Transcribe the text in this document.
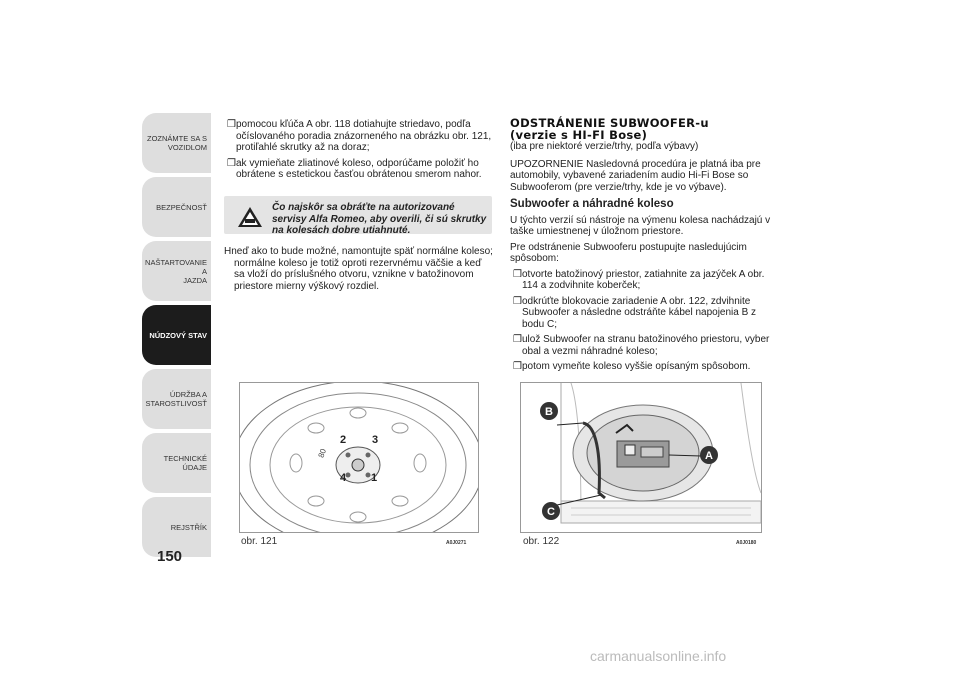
ZOZNÁMTE SA S
VOZIDLOM
BEZPEČNOSŤ
NAŠTARTOVANIE A
JAZDA
NÚDZOVÝ STAV
ÚDRŽBA A
STAROSTLIVOSŤ
TECHNICKÉ ÚDAJE
REJSTŘÍK
150

❒pomocou kľúča A obr. 118 dotiahujte striedavo, podľa očíslovaného poradia znázorneného na obrázku obr. 121, protiľahlé skrutky až na doraz;

❒ak vymieňate zliatinové koleso, odporúčame položiť ho obrátene s estetickou časťou obrátenou smerom nahor.

Čo najskôr sa obráťte na autorizované servisy Alfa Romeo, aby overili, či sú skrutky na kolesách dobre utiahnuté.

Hneď ako to bude možné, namontujte späť normálne koleso; normálne koleso je totiž oproti rezervnému väčšie a keď sa vloží do príslušného otvoru, vznikne v batožinovom priestore mierny výškový rozdiel.

2 3
4 1
80
obr. 121	A0J0271
ODSTRÁNENIE SUBWOOFER-u
(verzie s HI-FI Bose)

(iba pre niektoré verzie/trhy, podľa výbavy)

UPOZORNENIE Nasledovná procedúra je platná iba pre automobily, vybavené zariadením audio Hi-Fi Bose so Subwooferom (pre verzie/trhy, kde je vo výbave).

Subwoofer a náhradné koleso

U týchto verzií sú nástroje na výmenu kolesa nachádzajú v taške umiestnenej v úložnom priestore.

Pre odstránenie Subwooferu postupujte nasledujúcim spôsobom:

❒otvorte batožinový priestor, zatiahnite za jazýček A obr. 114 a zodvihnite koberček;

❒odkrúťte blokovacie zariadenie A obr. 122, zdvihnite Subwoofer a následne odstráňte kábel napojenia B z bodu C;

❒ulož Subwoofer na stranu batožinového priestoru, vyber obal a vezmi náhradné koleso;

❒potom vymeňte koleso vyššie opísaným spôsobom.

B
A
C
obr. 122	A0J0180
carmanualsonline.info
